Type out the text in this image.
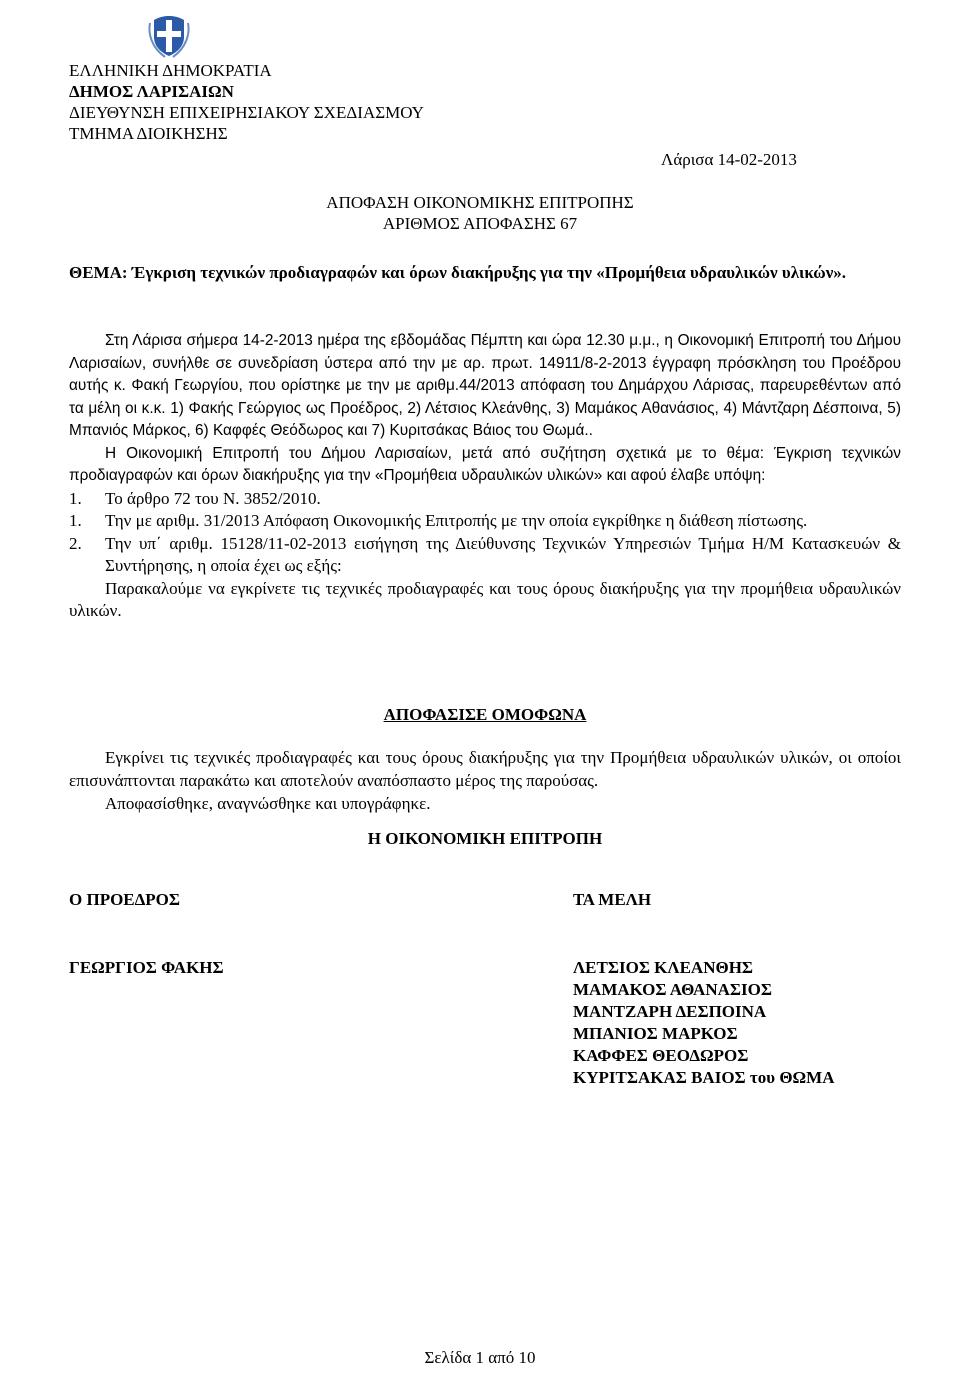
ΕΛΛΗΝΙΚΗ ΔΗΜΟΚΡΑΤΙΑ
ΔΗΜΟΣ ΛΑΡΙΣΑΙΩΝ
ΔΙΕΥΘΥΝΣΗ ΕΠΙΧΕΙΡΗΣΙΑΚΟΥ ΣΧΕΔΙΑΣΜΟΥ
ΤΜΗΜΑ ΔΙΟΙΚΗΣΗΣ
Λάρισα 14-02-2013
ΑΠΟΦΑΣΗ ΟΙΚΟΝΟΜΙΚΗΣ ΕΠΙΤΡΟΠΗΣ
ΑΡΙΘΜΟΣ ΑΠΟΦΑΣΗΣ 67
ΘΕΜΑ: Έγκριση τεχνικών προδιαγραφών και όρων διακήρυξης για την «Προμήθεια υδραυλικών υλικών».

Στη Λάρισα σήμερα 14-2-2013 ημέρα της εβδομάδας Πέμπτη και ώρα 12.30 μ.μ., η Οικονομική Επιτροπή του Δήμου Λαρισαίων, συνήλθε σε συνεδρίαση ύστερα από την με αρ. πρωτ. 14911/8-2-2013 έγγραφη πρόσκληση του Προέδρου αυτής κ. Φακή Γεωργίου, που ορίστηκε με την με αριθμ.44/2013 απόφαση του Δημάρχου Λάρισας, παρευρεθέντων από τα μέλη οι κ.κ. 1) Φακής Γεώργιος ως Προέδρος, 2) Λέτσιος Κλεάνθης, 3) Μαμάκος Αθανάσιος, 4) Μάντζαρη Δέσποινα, 5) Μπανιός Μάρκος, 6) Καφφές Θεόδωρος και 7) Κυριτσάκας Βάιος του Θωμά..

Η Οικονομική Επιτροπή του Δήμου Λαρισαίων, μετά από συζήτηση σχετικά με το θέμα: Έγκριση τεχνικών προδιαγραφών και όρων διακήρυξης για την «Προμήθεια υδραυλικών υλικών» και αφού έλαβε υπόψη:

1. Το άρθρο 72 του Ν. 3852/2010.
1. Την με αριθμ. 31/2013 Απόφαση Οικονομικής Επιτροπής με την οποία εγκρίθηκε η διάθεση πίστωσης.
2. Την υπ΄ αριθμ. 15128/11-02-2013 εισήγηση της Διεύθυνσης Τεχνικών Υπηρεσιών Τμήμα Η/Μ Κατασκευών & Συντήρησης, η οποία έχει ως εξής:

Παρακαλούμε να εγκρίνετε τις τεχνικές προδιαγραφές και τους όρους διακήρυξης για την προμήθεια υδραυλικών υλικών.

ΑΠΟΦΑΣΙΣΕ ΟΜΟΦΩΝΑ

Εγκρίνει τις τεχνικές προδιαγραφές και τους όρους διακήρυξης για την Προμήθεια υδραυλικών υλικών, οι οποίοι επισυνάπτονται παρακάτω και αποτελούν αναπόσπαστο μέρος της παρούσας.

Αποφασίσθηκε, αναγνώσθηκε και υπογράφηκε.

Η ΟΙΚΟΝΟΜΙΚΗ ΕΠΙΤΡΟΠΗ
Ο ΠΡΟΕΔΡΟΣ	ΤΑ ΜΕΛΗ
ΓΕΩΡΓΙΟΣ ΦΑΚΗΣ	ΛΕΤΣΙΟΣ ΚΛΕΑΝΘΗΣ
ΜΑΜΑΚΟΣ ΑΘΑΝΑΣΙΟΣ
ΜΑΝΤΖΑΡΗ ΔΕΣΠΟΙΝΑ
ΜΠΑΝΙΟΣ ΜΑΡΚΟΣ
ΚΑΦΦΕΣ ΘΕΟΔΩΡΟΣ
ΚΥΡΙΤΣΑΚΑΣ ΒΑΙΟΣ του ΘΩΜΑ
Σελίδα 1 από 10
